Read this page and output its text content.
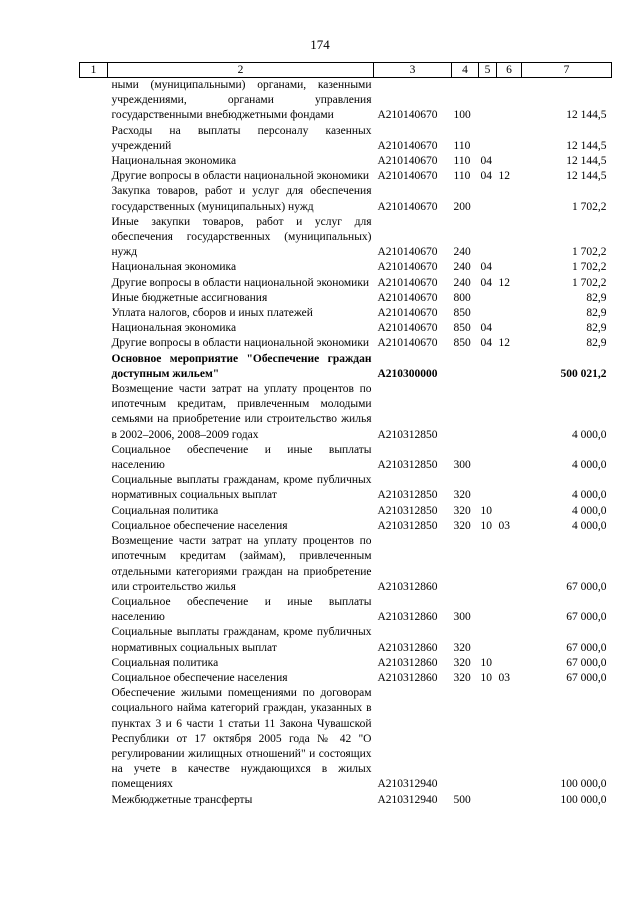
174
1	2	3	4	5	6	7
	ными (муниципальными) органами, казенными учреждениями, органами управления государственными внебюджетными фондами	А210140670	100			12 144,5
	Расходы на выплаты персоналу казенных учреждений	А210140670	110			12 144,5
	Национальная экономика	А210140670	110	04		12 144,5
	Другие вопросы в области национальной экономики	А210140670	110	04	12	12 144,5
	Закупка товаров, работ и услуг для обеспечения государственных (муниципальных) нужд	А210140670	200			1 702,2
	Иные закупки товаров, работ и услуг для обеспечения государственных (муниципальных) нужд	А210140670	240			1 702,2
	Национальная экономика	А210140670	240	04		1 702,2
	Другие вопросы в области национальной экономики	А210140670	240	04	12	1 702,2
	Иные бюджетные ассигнования	А210140670	800			82,9
	Уплата налогов, сборов и иных платежей	А210140670	850			82,9
	Национальная экономика	А210140670	850	04		82,9
	Другие вопросы в области национальной экономики	А210140670	850	04	12	82,9
	Основное мероприятие "Обеспечение граждан доступным жильем"	А210300000				500 021,2
	Возмещение части затрат на уплату процентов по ипотечным кредитам, привлеченным молодыми семьями на приобретение или строительство жилья в 2002–2006, 2008–2009 годах	А210312850				4 000,0
	Социальное обеспечение и иные выплаты населению	А210312850	300			4 000,0
	Социальные выплаты гражданам, кроме публичных нормативных социальных выплат	А210312850	320			4 000,0
	Социальная политика	А210312850	320	10		4 000,0
	Социальное обеспечение населения	А210312850	320	10	03	4 000,0
	Возмещение части затрат на уплату процентов по ипотечным кредитам (займам), привлеченным отдельными категориями граждан на приобретение или строительство жилья	А210312860				67 000,0
	Социальное обеспечение и иные выплаты населению	А210312860	300			67 000,0
	Социальные выплаты гражданам, кроме публичных нормативных социальных выплат	А210312860	320			67 000,0
	Социальная политика	А210312860	320	10		67 000,0
	Социальное обеспечение населения	А210312860	320	10	03	67 000,0
	Обеспечение жилыми помещениями по договорам социального найма категорий граждан, указанных в пунктах 3 и 6 части 1 статьи 11 Закона Чувашской Республики от 17 октября 2005 года № 42 "О регулировании жилищных отношений" и состоящих на учете в качестве нуждающихся в жилых помещениях	А210312940				100 000,0
	Межбюджетные трансферты	А210312940	500			100 000,0
